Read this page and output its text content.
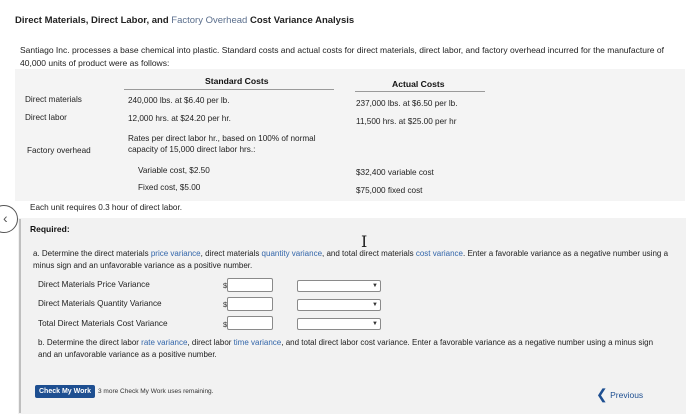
Direct Materials, Direct Labor, and Factory Overhead Cost Variance Analysis
Santiago Inc. processes a base chemical into plastic. Standard costs and actual costs for direct materials, direct labor, and factory overhead incurred for the manufacture of 40,000 units of product were as follows:
Standard Costs	Actual Costs
Direct materials	240,000 lbs. at $6.40 per lb.	237,000 lbs. at $6.50 per lb.
Direct labor	12,000 hrs. at $24.20 per hr.	11,500 hrs. at $25.00 per hr
Rates per direct labor hr., based on 100% of normal
Factory overhead	capacity of 15,000 direct labor hrs.:
Variable cost, $2.50	$32,400 variable cost
Fixed cost, $5.00	$75,000 fixed cost
Each unit requires 0.3 hour of direct labor.
‹
Required:
a. Determine the direct materials price variance, direct materials quantity variance, and total direct materials cost variance. Enter a favorable variance as a negative number using a minus sign and an unfavorable variance as a positive number.
I
Direct Materials Price Variance	$	▼
Direct Materials Quantity Variance	$	▼
Total Direct Materials Cost Variance	$	▼
b. Determine the direct labor rate variance, direct labor time variance, and total direct labor cost variance. Enter a favorable variance as a negative number using a minus sign and an unfavorable variance as a positive number.
Check My Work	3 more Check My Work uses remaining.	❮ Previous
